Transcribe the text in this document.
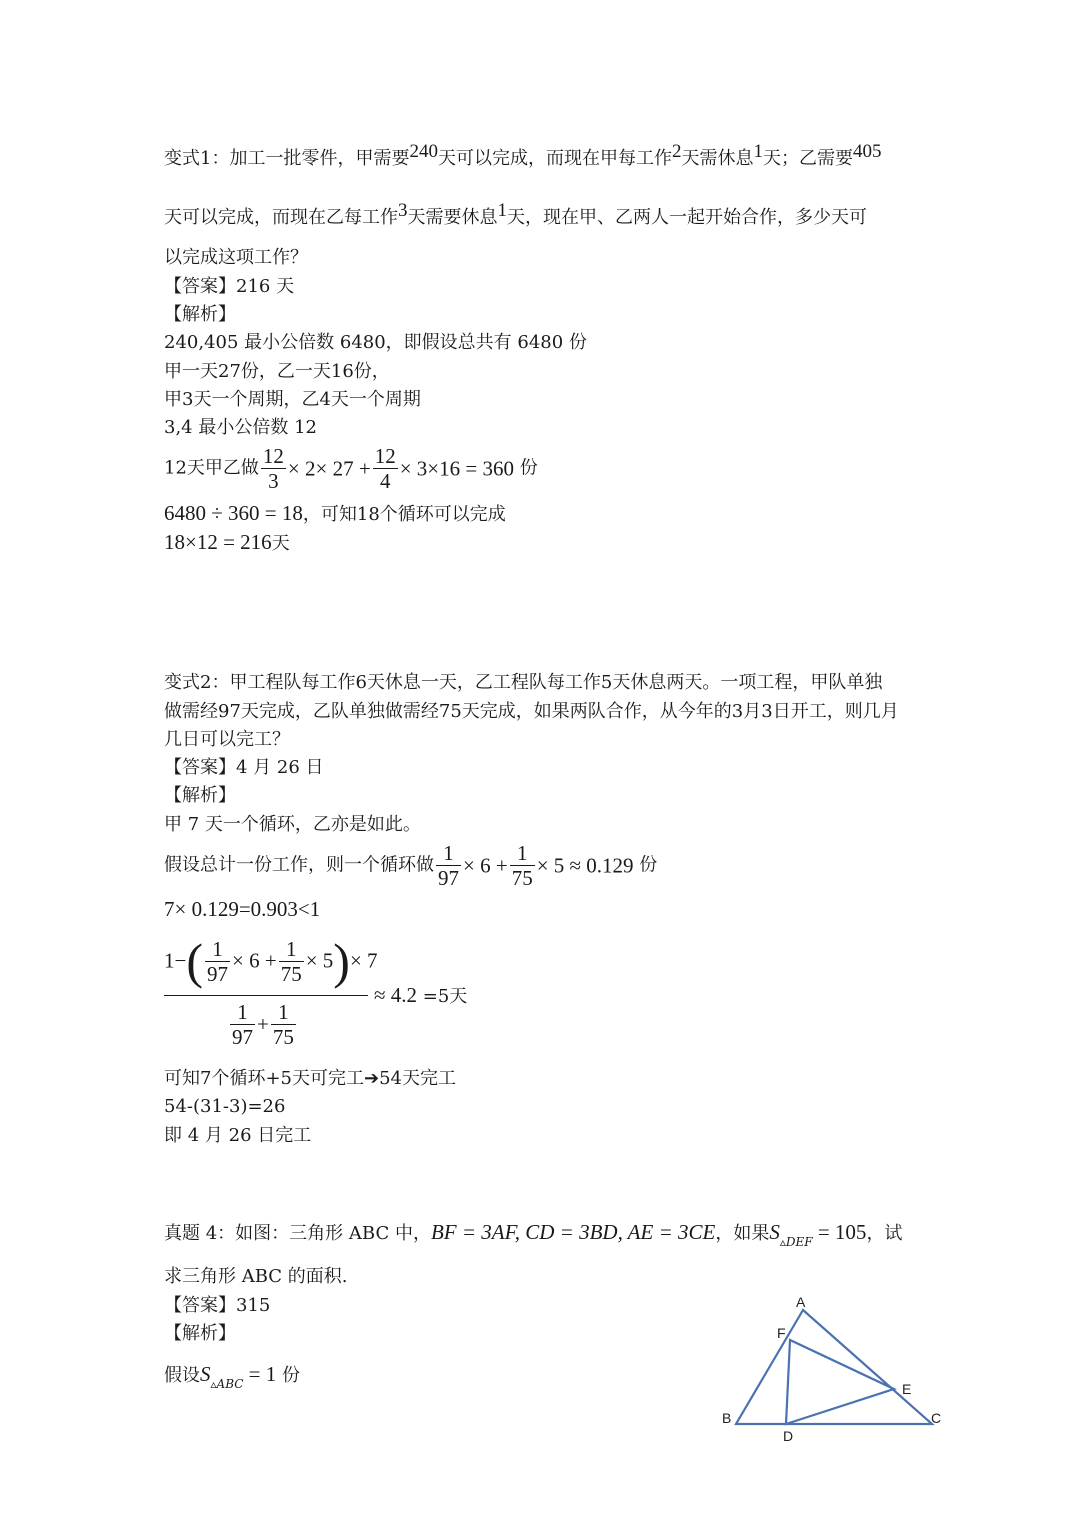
变式1：加工一批零件，甲需要240天可以完成，而现在甲每工作2天需休息1天；乙需要405
天可以完成，而现在乙每工作3天需要休息1天，现在甲、乙两人一起开始合作，多少天可
以完成这项工作？
【答案】216 天
【解析】
240,405 最小公倍数 6480，即假设总共有 6480 份
甲一天27份，乙一天16份，
甲3天一个周期，乙4天一个周期
3,4 最小公倍数 12
12天甲乙做 $\frac{12}{3} \times 2\times 27 + \frac{12}{4} \times 3\times 16 = 360$ 份
6480 ÷ 360 = 18，可知18个循环可以完成
18×12 = 216天
变式2：甲工程队每工作6天休息一天，乙工程队每工作5天休息两天。一项工程，甲队单独
做需经97天完成，乙队单独做需经75天完成，如果两队合作，从今年的3月3日开工，则几月
几日可以完工？
【答案】4 月 26 日
【解析】
甲 7 天一个循环，乙亦是如此。
假设总计一份工作，则一个循环做 $\frac{1}{97} \times 6 + \frac{1}{75} \times 5 \approx 0.129$ 份
7× 0.129=0.903<1
$1-( \frac{1}{97} \times 6 + \frac{1}{75} \times 5)\times 7$
$\frac{1}{97} + \frac{1}{75}$
≈ 4.2 =5天
可知7个循环+5天可完工➔54天完工
54-(31-3)=26
即 4 月 26 日完工
真题 4：如图：三角形 ABC 中，BF = 3AF, CD = 3BD, AE = 3CE，如果$S_{▵DEF} = 105$，试
求三角形 ABC 的面积.
【答案】315
【解析】
假设$S_{▵ABC} = 1$ 份
A
F
E
B	C
D
